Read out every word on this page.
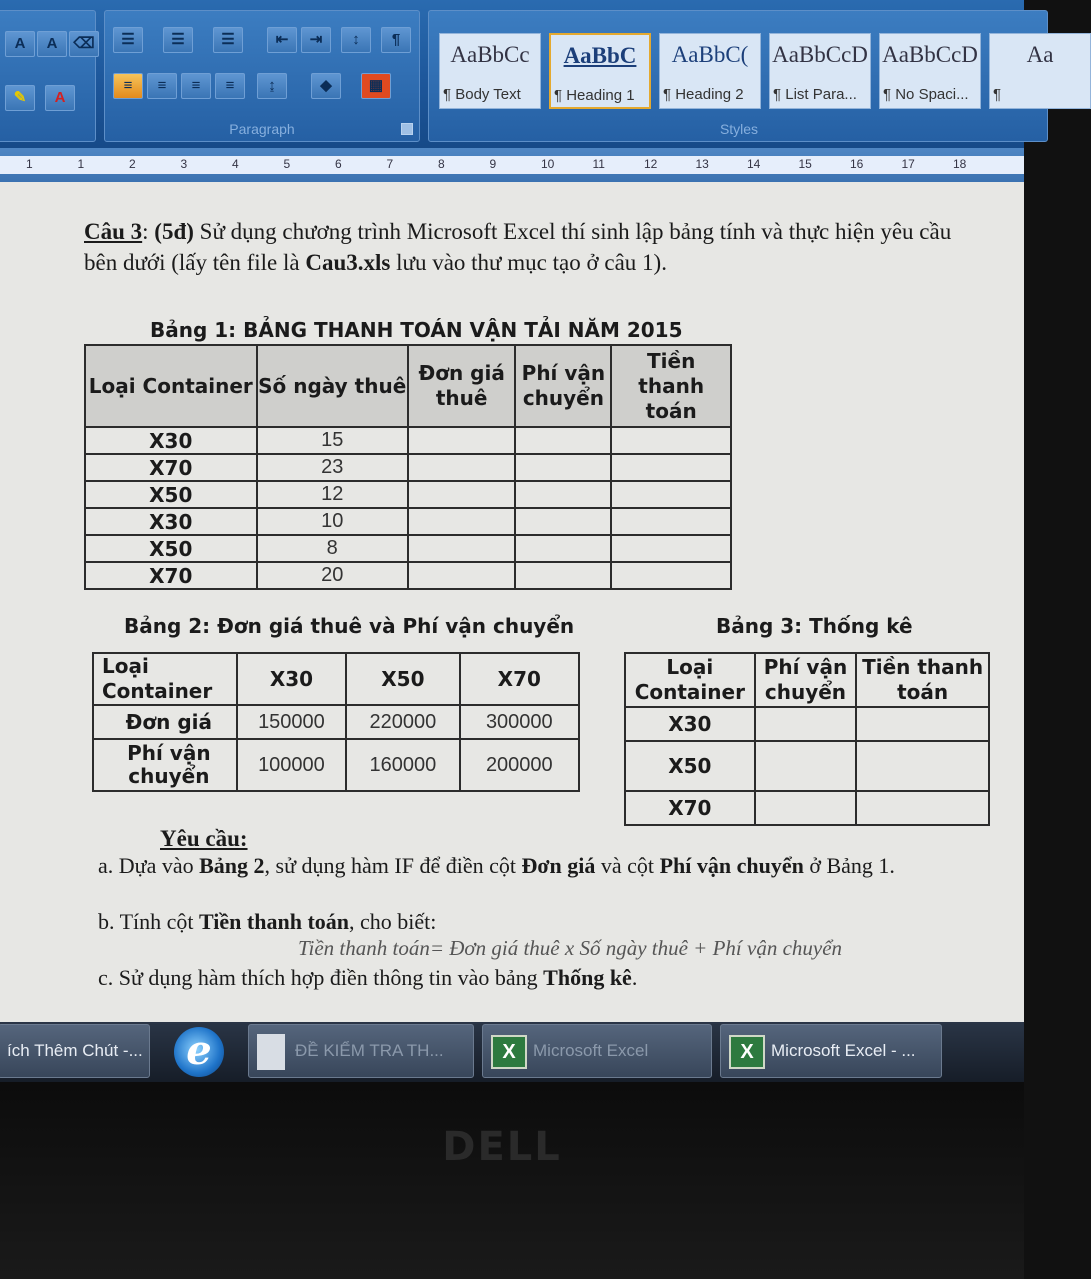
A	A	⌫
✎	A
☰	☰	☰	⇤	⇥	↕	¶
≡	≡	≡	≡	↨	◆	▦
Paragraph
AaBbCc
¶ Body Text
AaBbC
¶ Heading 1
AaBbC(
¶ Heading 2
AaBbCcD
¶ List Para...
AaBbCcD
¶ No Spaci...
Aa
¶
Styles
1	1	2	3	4	5	6	7	8	9	10	11	12	13	14	15	16	17	18
Câu 3: (5đ) Sử dụng chương trình Microsoft Excel thí sinh lập bảng tính và thực hiện yêu cầu bên dưới (lấy tên file là Cau3.xls lưu vào thư mục tạo ở câu 1).
Bảng 1: BẢNG THANH TOÁN VẬN TẢI NĂM 2015
Loại Container	Số ngày thuê	Đơn giá thuê	Phí vận chuyển	Tiền thanh toán
X30	15			
X70	23			
X50	12			
X30	10			
X50	8			
X70	20			
Bảng 2: Đơn giá thuê và Phí vận chuyển
Loại Container	X30	X50	X70
Đơn giá	150000	220000	300000
Phí vận chuyển	100000	160000	200000
Bảng 3: Thống kê
Loại Container	Phí vận chuyển	Tiền thanh toán
X30		
X50		
X70		
Yêu cầu:
a. Dựa vào Bảng 2, sử dụng hàm IF để điền cột Đơn giá và cột Phí vận chuyển ở Bảng 1.
b. Tính cột Tiền thanh toán, cho biết:
Tiền thanh toán= Đơn giá thuê x Số ngày thuê + Phí vận chuyển
c. Sử dụng hàm thích hợp điền thông tin vào bảng Thống kê.
ích Thêm Chút -...	e	ĐỀ KIỂM TRA TH...	X Microsoft Excel	X Microsoft Excel - ...
DELL
